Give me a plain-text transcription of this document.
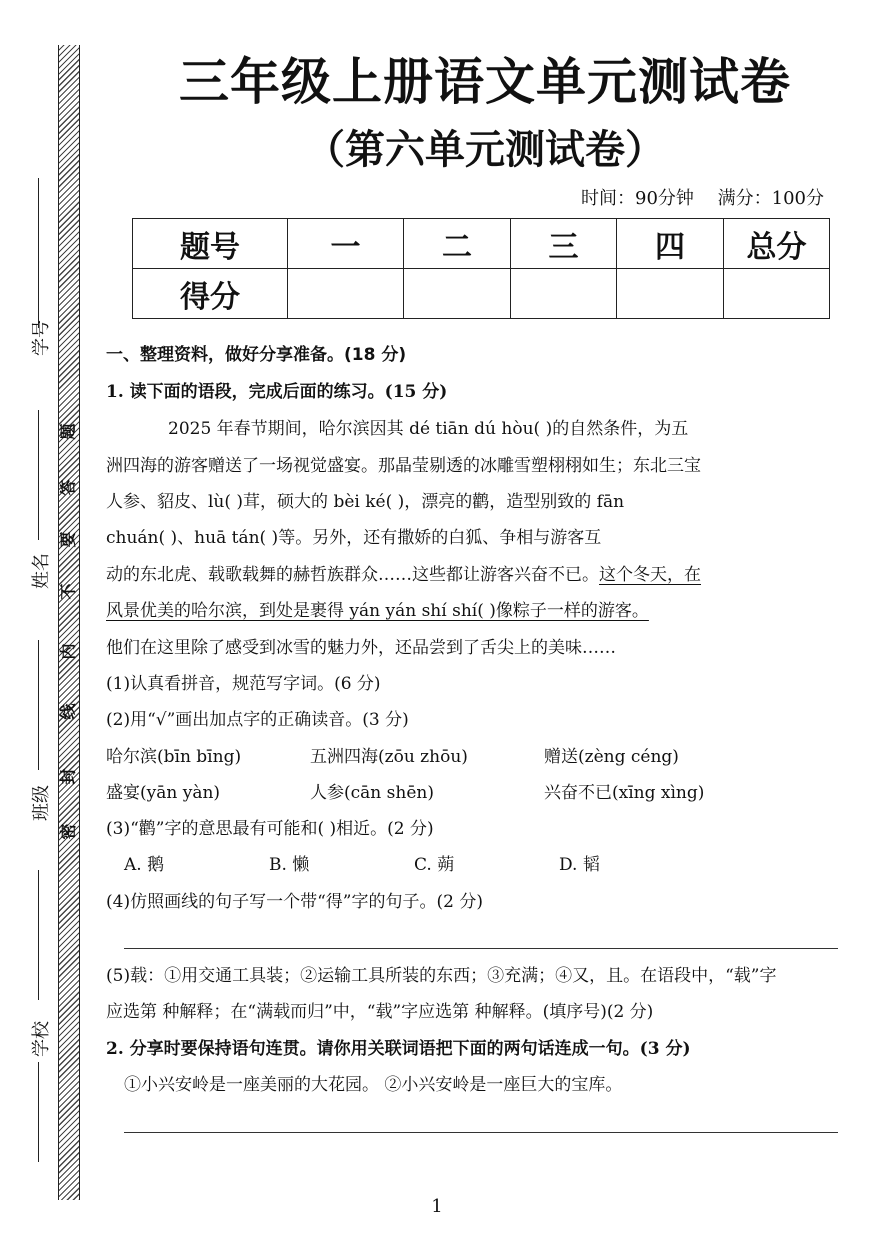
学号
姓名
班级
学校
密
封
线
内
不
要
答
题
三年级上册语文单元测试卷
（第六单元测试卷）
时间：90分钟 满分：100分
题号	一	二	三	四	总分
得分					
一、整理资料，做好分享准备。(18 分)
1. 读下面的语段，完成后面的练习。(15 分)
2025 年春节期间，哈尔滨因其 dé tiān dú hòu( )的自然条件，为五
洲四海的游客赠送了一场视觉盛宴。那晶莹剔透的冰雕雪塑栩栩如生；东北三宝
人参、貂皮、lù( )茸，硕大的 bèi ké( )，漂亮的鹳，造型别致的 fān
chuán( )、huā tán( )等。另外，还有撒娇的白狐、争相与游客互
动的东北虎、载歌载舞的赫哲族群众……这些都让游客兴奋不已。这个冬天，在
风景优美的哈尔滨，到处是裹得 yán yán shí shí( )像粽子一样的游客。
他们在这里除了感受到冰雪的魅力外，还品尝到了舌尖上的美味……
(1)认真看拼音，规范写字词。(6 分)
(2)用“√”画出加点字的正确读音。(3 分)
哈尔滨(bīn bīng)	五洲四海(zōu zhōu)	赠送(zèng céng)
盛宴(yān yàn)	人参(cān shēn)	兴奋不已(xīng xìng)
(3)“鹳”字的意思最有可能和( )相近。(2 分)
A. 鹅	B. 懒	C. 蒴	D. 韬
(4)仿照画线的句子写一个带“得”字的句子。(2 分)
(5)载：①用交通工具装；②运输工具所装的东西；③充满；④又，且。在语段中，“载”字
应选第 种解释；在“满载而归”中，“载”字应选第 种解释。(填序号)(2 分)
2. 分享时要保持语句连贯。请你用关联词语把下面的两句话连成一句。(3 分)
①小兴安岭是一座美丽的大花园。 ②小兴安岭是一座巨大的宝库。
1
